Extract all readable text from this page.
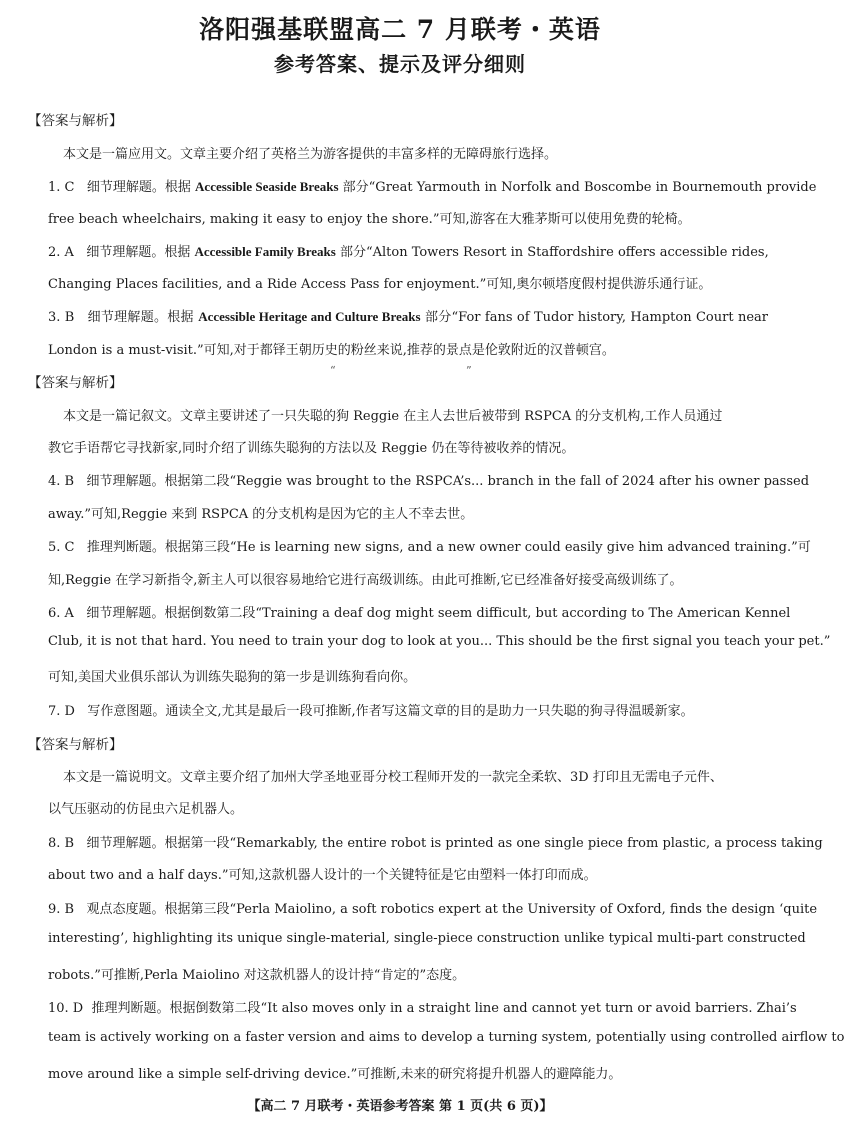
洛阳强基联盟高二 7 月联考・英语
参考答案、提示及评分细则
【答案与解析】
本文是一篇应用文。文章主要介绍了英格兰为游客提供的丰富多样的无障碍旅行选择。
1. C 细节理解题。根据 Accessible Seaside Breaks 部分“Great Yarmouth in Norfolk and Boscombe in Bournemouth provide
free beach wheelchairs, making it easy to enjoy the shore.”可知,游客在大雅茅斯可以使用免费的轮椅。
2. A 细节理解题。根据 Accessible Family Breaks 部分“Alton Towers Resort in Staffordshire offers accessible rides,
Changing Places facilities, and a Ride Access Pass for enjoyment.”可知,奥尔顿塔度假村提供游乐通行证。
3. B 细节理解题。根据 Accessible Heritage and Culture Breaks 部分“For fans of Tudor history, Hampton Court near
London is a must-visit.”可知,对于都铎王朝历史的粉丝来说,推荐的景点是伦敦附近的汉普顿宫。
【答案与解析】
“	”
本文是一篇记叙文。文章主要讲述了一只失聪的狗 Reggie 在主人去世后被带到 RSPCA 的分支机构,工作人员通过
教它手语帮它寻找新家,同时介绍了训练失聪狗的方法以及 Reggie 仍在等待被收养的情况。
4. B 细节理解题。根据第二段“Reggie was brought to the RSPCA’s... branch in the fall of 2024 after his owner passed
away.”可知,Reggie 来到 RSPCA 的分支机构是因为它的主人不幸去世。
5. C 推理判断题。根据第三段“He is learning new signs, and a new owner could easily give him advanced training.”可
知,Reggie 在学习新指令,新主人可以很容易地给它进行高级训练。由此可推断,它已经准备好接受高级训练了。
6. A 细节理解题。根据倒数第二段“Training a deaf dog might seem difficult, but according to The American Kennel
Club, it is not that hard. You need to train your dog to look at you... This should be the first signal you teach your pet.”
可知,美国犬业俱乐部认为训练失聪狗的第一步是训练狗看向你。
7. D 写作意图题。通读全文,尤其是最后一段可推断,作者写这篇文章的目的是助力一只失聪的狗寻得温暖新家。
【答案与解析】
本文是一篇说明文。文章主要介绍了加州大学圣地亚哥分校工程师开发的一款完全柔软、3D 打印且无需电子元件、
以气压驱动的仿昆虫六足机器人。
8. B 细节理解题。根据第一段“Remarkably, the entire robot is printed as one single piece from plastic, a process taking
about two and a half days.”可知,这款机器人设计的一个关键特征是它由塑料一体打印而成。
9. B 观点态度题。根据第三段“Perla Maiolino, a soft robotics expert at the University of Oxford, finds the design ‘quite
interesting’, highlighting its unique single-material, single-piece construction unlike typical multi-part constructed
robots.”可推断,Perla Maiolino 对这款机器人的设计持“肯定的”态度。
10. D 推理判断题。根据倒数第二段“It also moves only in a straight line and cannot yet turn or avoid barriers. Zhai’s
team is actively working on a faster version and aims to develop a turning system, potentially using controlled airflow to
move around like a simple self-driving device.”可推断,未来的研究将提升机器人的避障能力。
【高二 7 月联考・英语参考答案 第 1 页(共 6 页)】
